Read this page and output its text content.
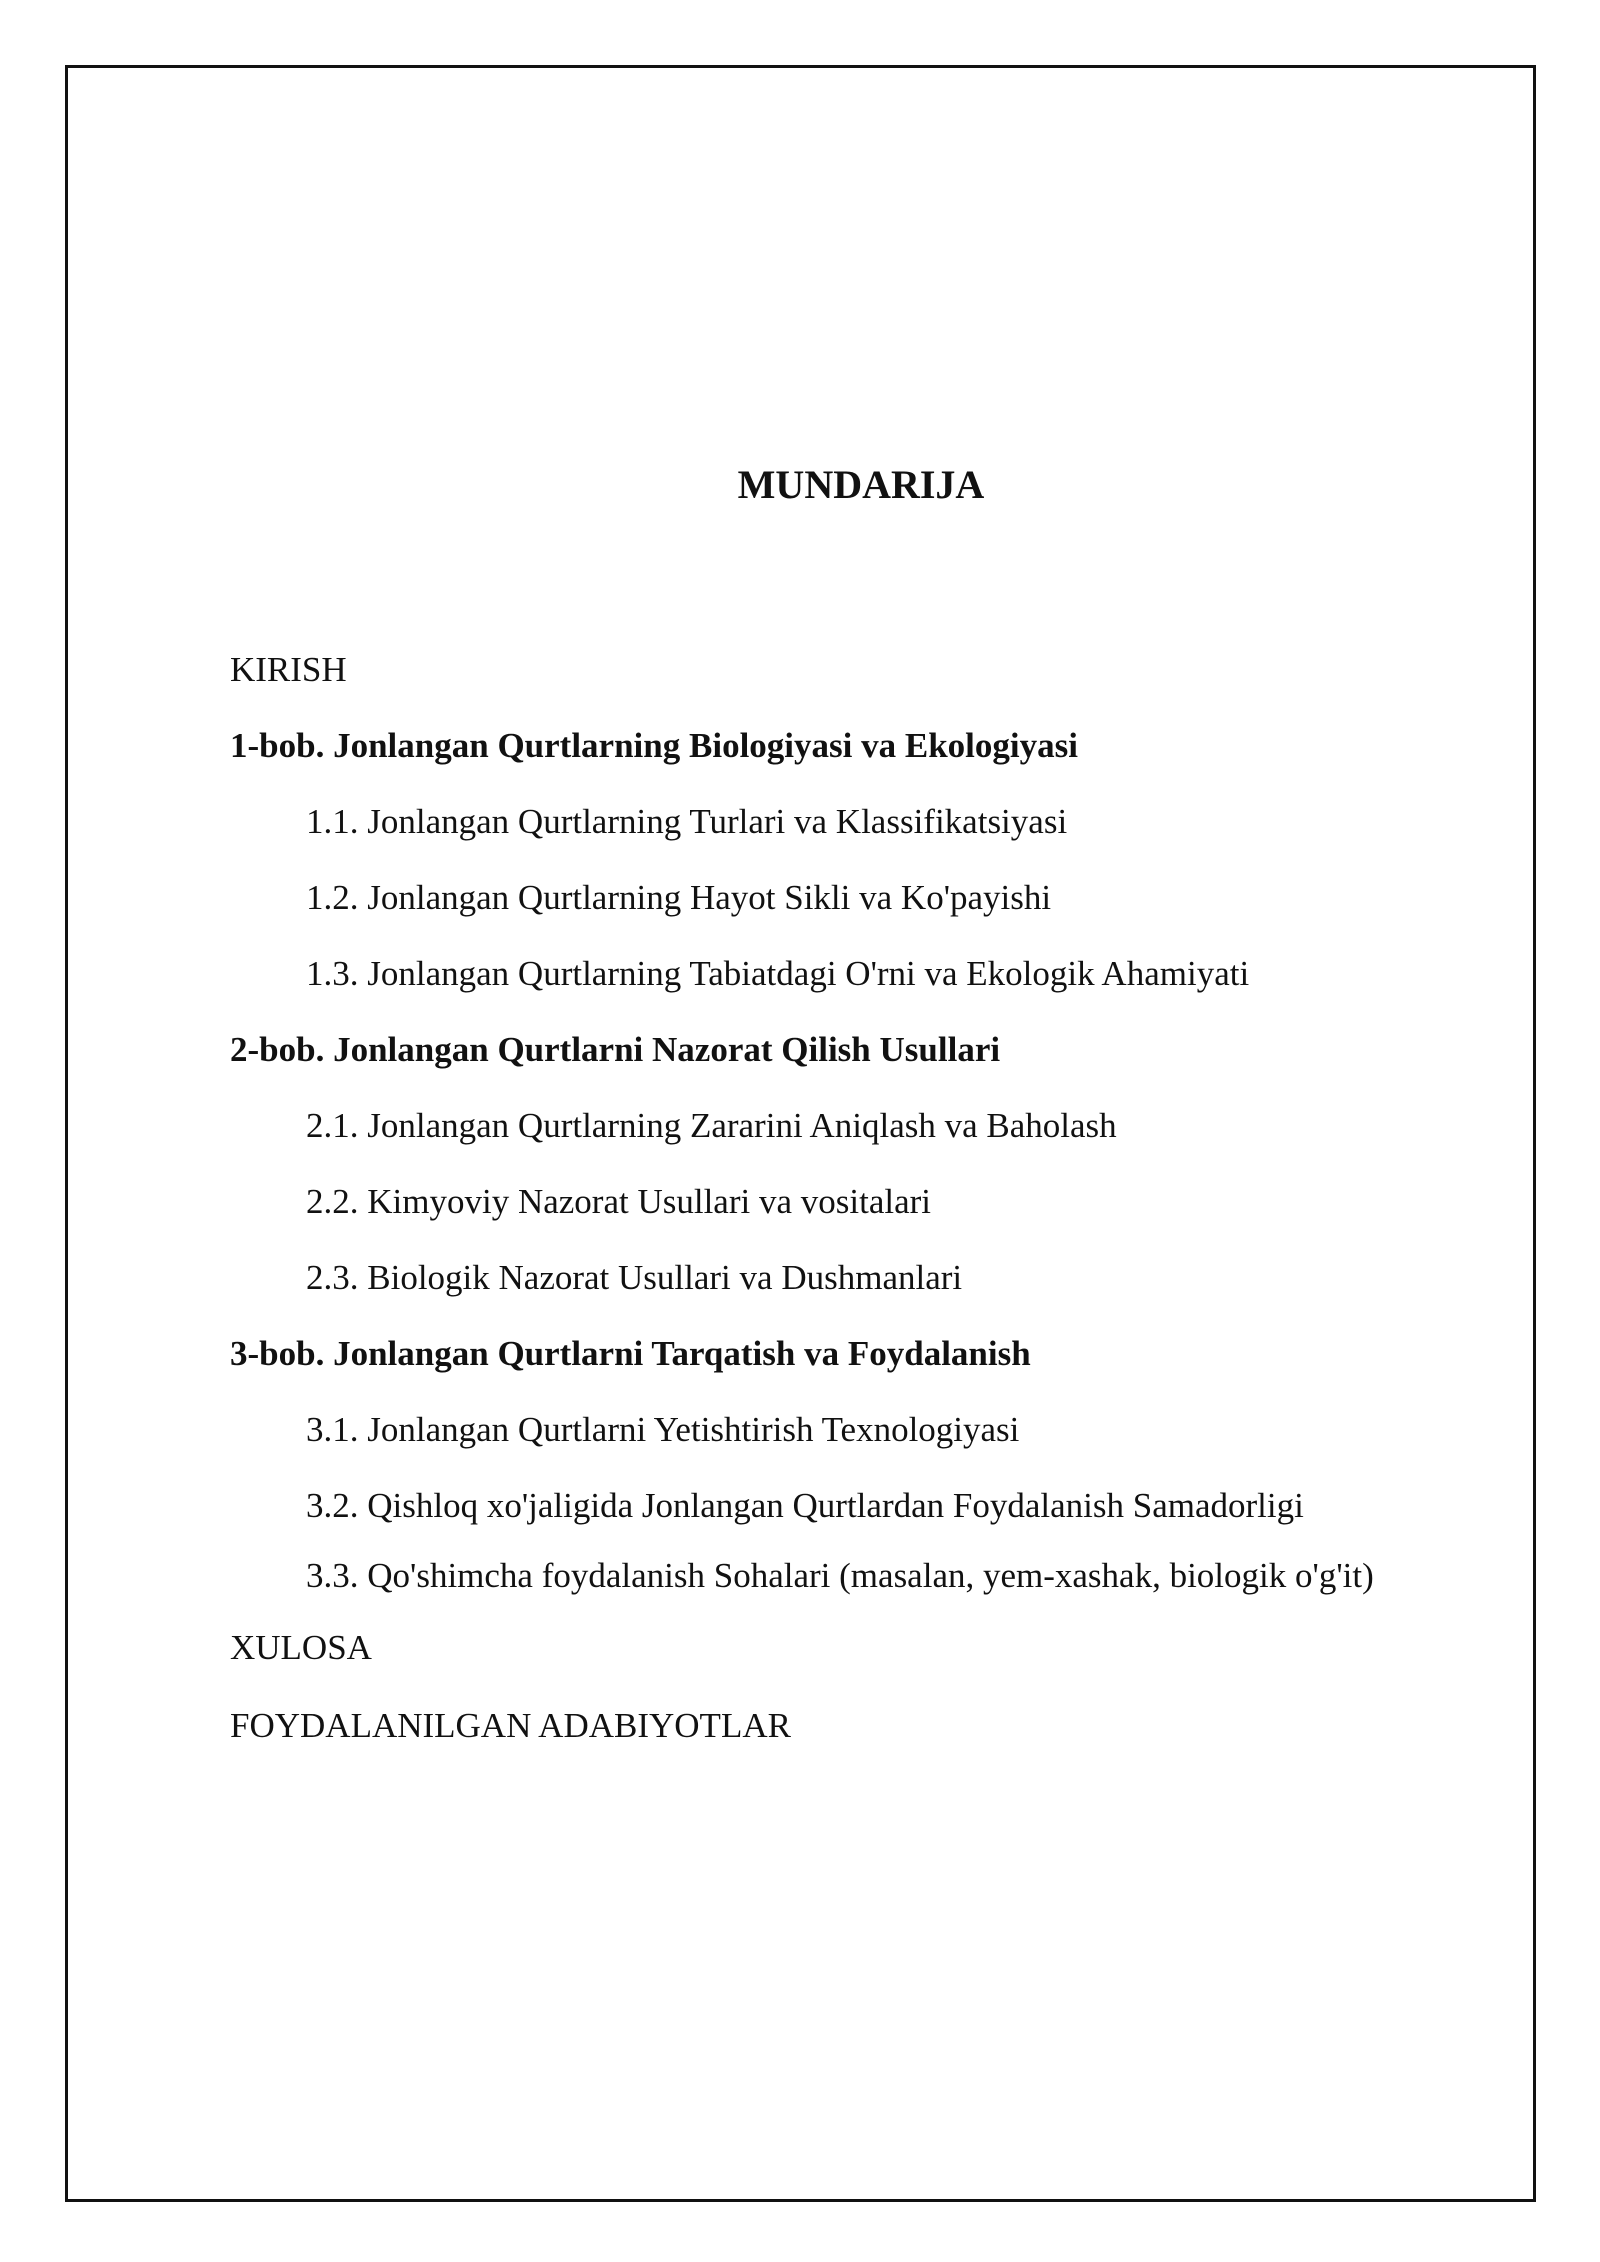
MUNDARIJA
KIRISH
1-bob. Jonlangan Qurtlarning Biologiyasi va Ekologiyasi
1.1. Jonlangan Qurtlarning Turlari va Klassifikatsiyasi
1.2. Jonlangan Qurtlarning Hayot Sikli va Ko'payishi
1.3. Jonlangan Qurtlarning Tabiatdagi O'rni va Ekologik Ahamiyati
2-bob. Jonlangan Qurtlarni Nazorat Qilish Usullari
2.1. Jonlangan Qurtlarning Zararini Aniqlash va Baholash
2.2. Kimyoviy Nazorat Usullari va vositalari
2.3. Biologik Nazorat Usullari va Dushmanlari
3-bob. Jonlangan Qurtlarni Tarqatish va Foydalanish
3.1. Jonlangan Qurtlarni Yetishtirish Texnologiyasi
3.2. Qishloq xo'jaligida Jonlangan Qurtlardan Foydalanish Samadorligi
3.3. Qo'shimcha foydalanish Sohalari (masalan, yem-xashak, biologik o'g'it)
XULOSA
FOYDALANILGAN ADABIYOTLAR
